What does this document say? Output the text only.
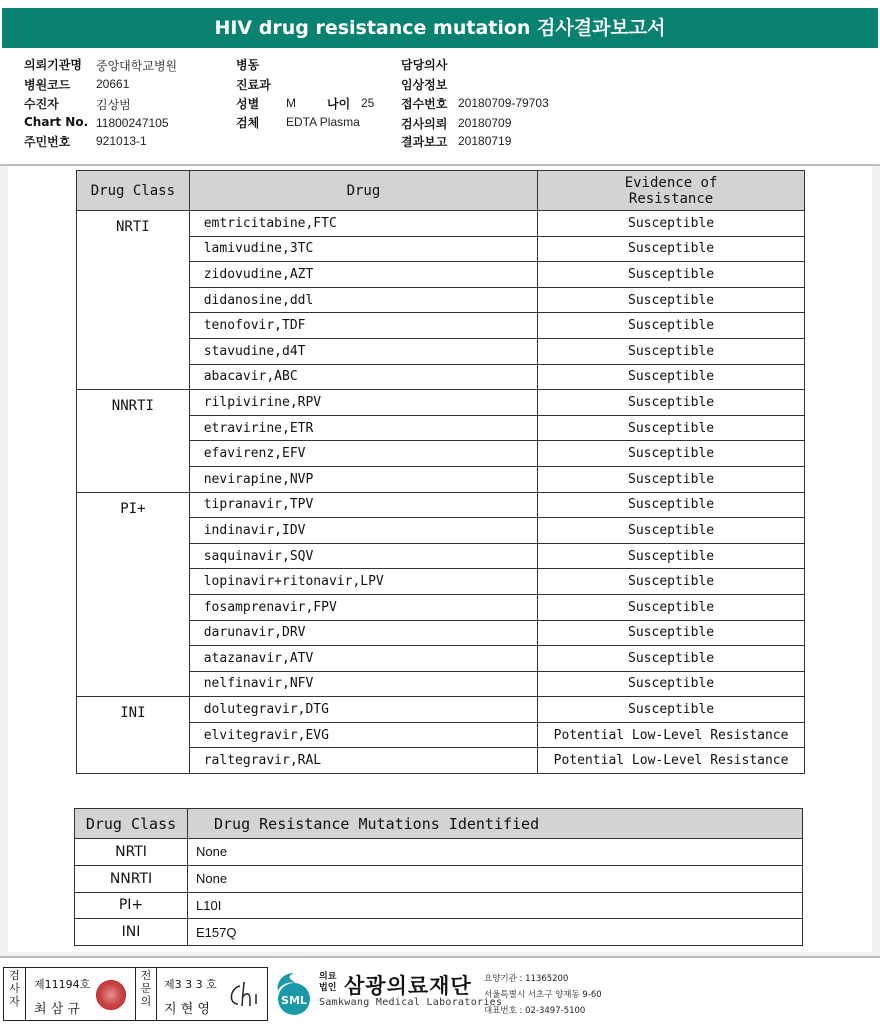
HIV drug resistance mutation 검사결과보고서
의뢰기관명 중앙대학교병원
병원코드 20661
수진자	김상범
Chart No. 11800247105
주민번호 921013-1
병동
진료과
성별 M	나이 25
검체 EDTA Plasma
담당의사
임상정보
접수번호 20180709-79703
검사의뢰 20180709
결과보고 20180719
Drug Class	Drug	Evidence of Resistance
NRTI	emtricitabine,FTC	Susceptible
	lamivudine,3TC	Susceptible
	zidovudine,AZT	Susceptible
	didanosine,ddl	Susceptible
	tenofovir,TDF	Susceptible
	stavudine,d4T	Susceptible
	abacavir,ABC	Susceptible
NNRTI	rilpivirine,RPV	Susceptible
	etravirine,ETR	Susceptible
	efavirenz,EFV	Susceptible
	nevirapine,NVP	Susceptible
PI+	tipranavir,TPV	Susceptible
	indinavir,IDV	Susceptible
	saquinavir,SQV	Susceptible
	lopinavir+ritonavir,LPV	Susceptible
	fosamprenavir,FPV	Susceptible
	darunavir,DRV	Susceptible
	atazanavir,ATV	Susceptible
	nelfinavir,NFV	Susceptible
INI	dolutegravir,DTG	Susceptible
	elvitegravir,EVG	Potential Low-Level Resistance
	raltegravir,RAL	Potential Low-Level Resistance
Drug Class	Drug Resistance Mutations Identified
NRTI	None
NNRTI	None
PI+	L10I
INI	E157Q
검사자
제11194호
최 삼 규
전문의
제3 3 3 호
지 현 영
SML
의료 법인 삼광의료재단
Samkwang Medical Laboratories
요양기관 : 11365200
서울특별시 서초구 양재동 9-60
대표번호 : 02-3497-5100
